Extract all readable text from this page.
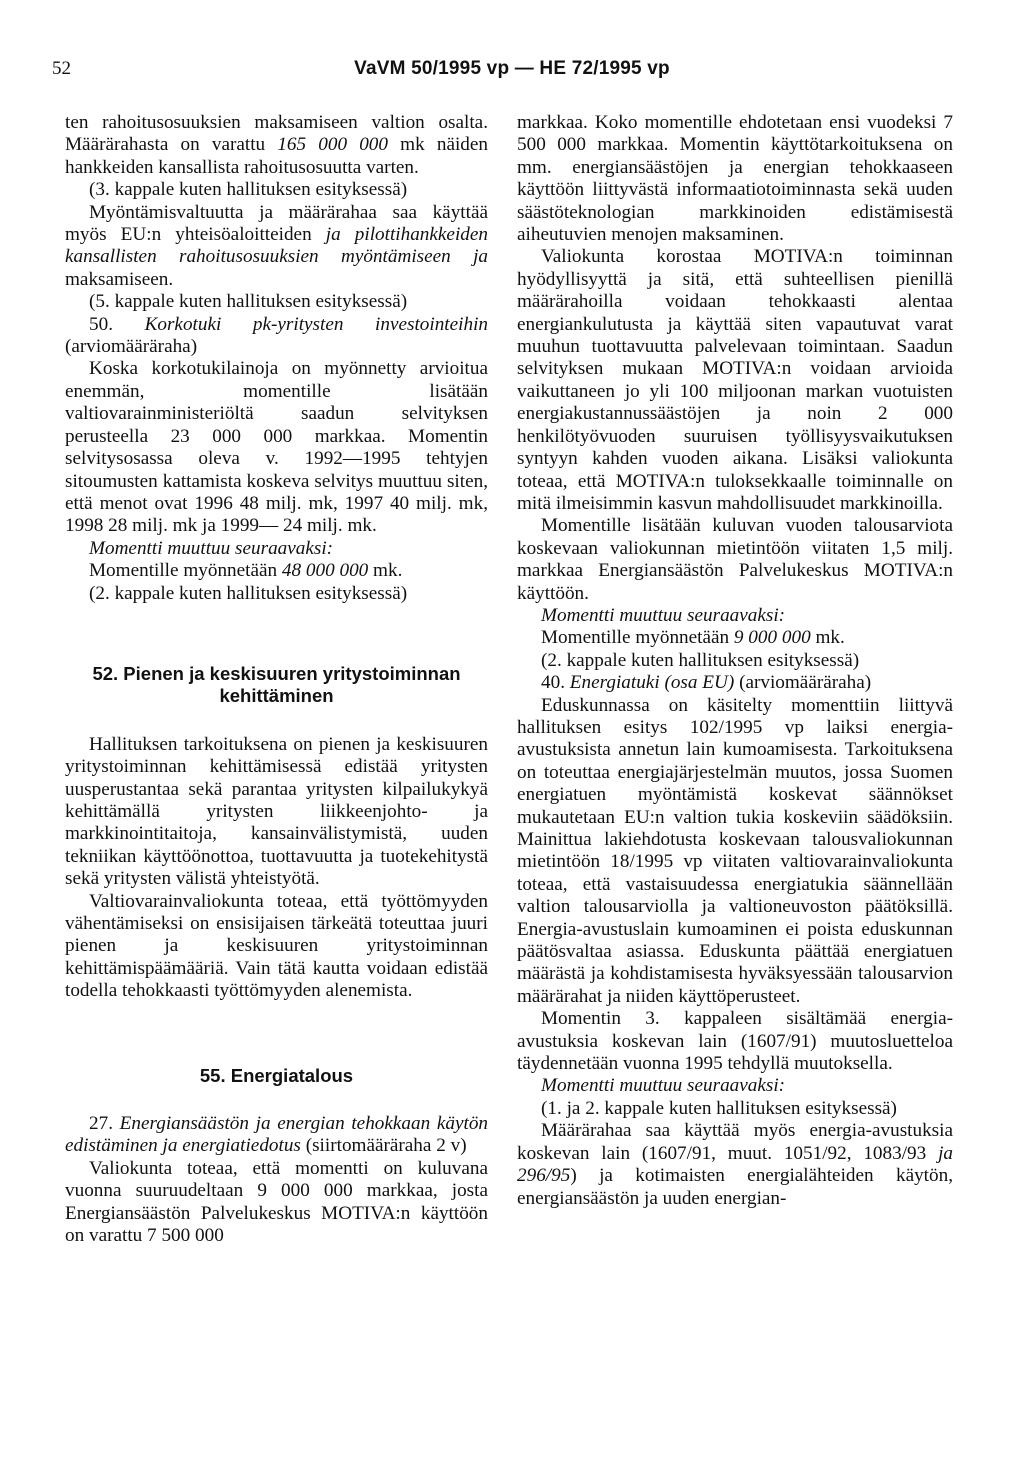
52	VaVM 50/1995 vp — HE 72/1995 vp

ten rahoitusosuuksien maksamiseen valtion osalta. Määrärahasta on varattu 165 000 000 mk näiden hankkeiden kansallista rahoitusosuutta varten.

(3. kappale kuten hallituksen esityksessä)

Myöntämisvaltuutta ja määrärahaa saa käyttää myös EU:n yhteisöaloitteiden ja pilottihankkeiden kansallisten rahoitusosuuksien myöntämiseen ja maksamiseen.

(5. kappale kuten hallituksen esityksessä)

50. Korkotuki pk-yritysten investointeihin (arviomääräraha)

Koska korkotukilainoja on myönnetty arvioitua enemmän, momentille lisätään valtiovarainministeriöltä saadun selvityksen perusteella 23 000 000 markkaa. Momentin selvitysosassa oleva v. 1992—1995 tehtyjen sitoumusten kattamista koskeva selvitys muuttuu siten, että menot ovat 1996 48 milj. mk, 1997 40 milj. mk, 1998 28 milj. mk ja 1999— 24 milj. mk.

Momentti muuttuu seuraavaksi:

Momentille myönnetään 48 000 000 mk.

(2. kappale kuten hallituksen esityksessä)

52. Pienen ja keskisuuren yritystoiminnan kehittäminen

Hallituksen tarkoituksena on pienen ja keskisuuren yritystoiminnan kehittämisessä edistää yritysten uusperustantaa sekä parantaa yritysten kilpailukykyä kehittämällä yritysten liikkeenjohto- ja markkinointitaitoja, kansainvälistymistä, uuden tekniikan käyttöönottoa, tuottavuutta ja tuotekehitystä sekä yritysten välistä yhteistyötä.

Valtiovarainvaliokunta toteaa, että työttömyyden vähentämiseksi on ensisijaisen tärkeätä toteuttaa juuri pienen ja keskisuuren yritystoiminnan kehittämispäämääriä. Vain tätä kautta voidaan edistää todella tehokkaasti työttömyyden alenemista.

55. Energiatalous

27. Energiansäästön ja energian tehokkaan käytön edistäminen ja energiatiedotus (siirtomääräraha 2 v)

Valiokunta toteaa, että momentti on kuluvana vuonna suuruudeltaan 9 000 000 markkaa, josta Energiansäästön Palvelukeskus MOTIVA:n käyttöön on varattu 7 500 000

markkaa. Koko momentille ehdotetaan ensi vuodeksi 7 500 000 markkaa. Momentin käyttötarkoituksena on mm. energiansäästöjen ja energian tehokkaaseen käyttöön liittyvästä informaatiotoiminnasta sekä uuden säästöteknologian markkinoiden edistämisestä aiheutuvien menojen maksaminen.

Valiokunta korostaa MOTIVA:n toiminnan hyödyllisyyttä ja sitä, että suhteellisen pienillä määrärahoilla voidaan tehokkaasti alentaa energiankulutusta ja käyttää siten vapautuvat varat muuhun tuottavuutta palvelevaan toimintaan. Saadun selvityksen mukaan MOTIVA:n voidaan arvioida vaikuttaneen jo yli 100 miljoonan markan vuotuisten energiakustannussäästöjen ja noin 2 000 henkilötyövuoden suuruisen työllisyysvaikutuksen syntyyn kahden vuoden aikana. Lisäksi valiokunta toteaa, että MOTIVA:n tuloksekkaalle toiminnalle on mitä ilmeisimmin kasvun mahdollisuudet markkinoilla.

Momentille lisätään kuluvan vuoden talousarviota koskevaan valiokunnan mietintöön viitaten 1,5 milj. markkaa Energiansäästön Palvelukeskus MOTIVA:n käyttöön.

Momentti muuttuu seuraavaksi:

Momentille myönnetään 9 000 000 mk.

(2. kappale kuten hallituksen esityksessä)

40. Energiatuki (osa EU) (arviomääräraha)

Eduskunnassa on käsitelty momenttiin liittyvä hallituksen esitys 102/1995 vp laiksi energia-avustuksista annetun lain kumoamisesta. Tarkoituksena on toteuttaa energiajärjestelmän muutos, jossa Suomen energiatuen myöntämistä koskevat säännökset mukautetaan EU:n valtion tukia koskeviin säädöksiin. Mainittua lakiehdotusta koskevaan talousvaliokunnan mietintöön 18/1995 vp viitaten valtiovarainvaliokunta toteaa, että vastaisuudessa energiatukia säännellään valtion talousarviolla ja valtioneuvoston päätöksillä. Energia-avustuslain kumoaminen ei poista eduskunnan päätösvaltaa asiassa. Eduskunta päättää energiatuen määrästä ja kohdistamisesta hyväksyessään talousarvion määrärahat ja niiden käyttöperusteet.

Momentin 3. kappaleen sisältämää energia-avustuksia koskevan lain (1607/91) muutosluetteloa täydennetään vuonna 1995 tehdyllä muutoksella.

Momentti muuttuu seuraavaksi:

(1. ja 2. kappale kuten hallituksen esityksessä)

Määrärahaa saa käyttää myös energia-avustuksia koskevan lain (1607/91, muut. 1051/92, 1083/93 ja 296/95) ja kotimaisten energialähteiden käytön, energiansäästön ja uuden energian-
